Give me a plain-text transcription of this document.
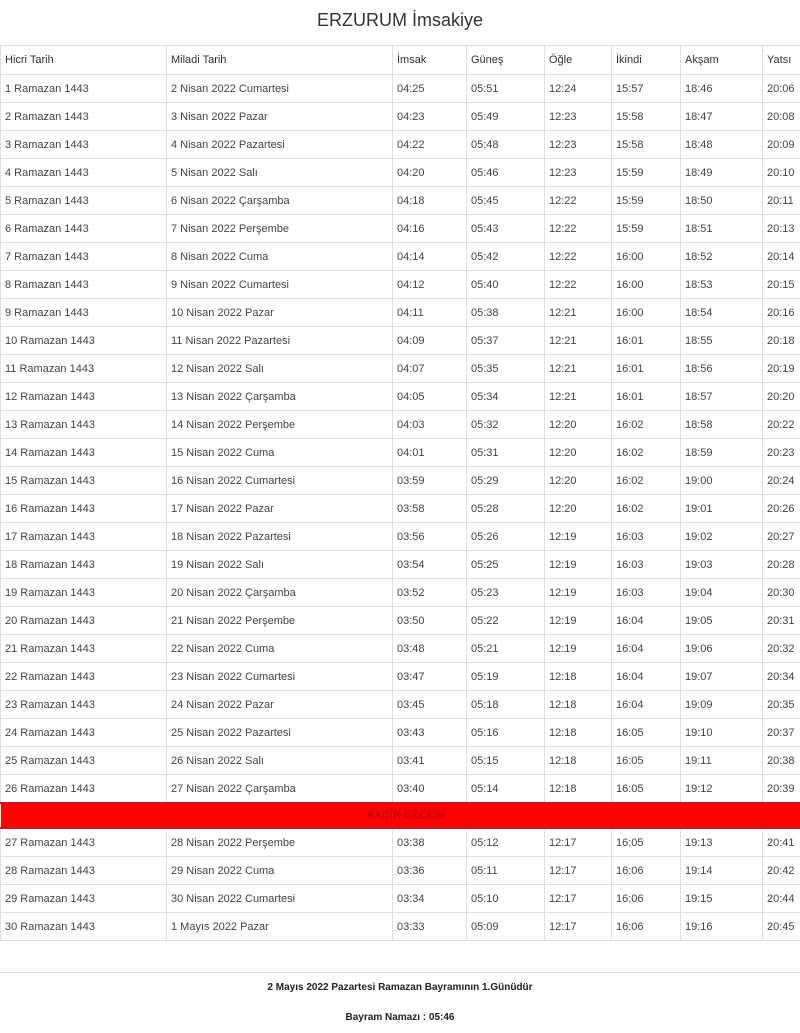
ERZURUM İmsakiye
Hicri Tarih	Miladi Tarih	İmsak	Güneş	Öğle	İkindi	Akşam	Yatsı
1 Ramazan 1443	2 Nisan 2022 Cumartesi	04:25	05:51	12:24	15:57	18:46	20:06
2 Ramazan 1443	3 Nisan 2022 Pazar	04:23	05:49	12:23	15:58	18:47	20:08
3 Ramazan 1443	4 Nisan 2022 Pazartesi	04:22	05:48	12:23	15:58	18:48	20:09
4 Ramazan 1443	5 Nisan 2022 Salı	04:20	05:46	12:23	15:59	18:49	20:10
5 Ramazan 1443	6 Nisan 2022 Çarşamba	04:18	05:45	12:22	15:59	18:50	20:11
6 Ramazan 1443	7 Nisan 2022 Perşembe	04:16	05:43	12:22	15:59	18:51	20:13
7 Ramazan 1443	8 Nisan 2022 Cuma	04:14	05:42	12:22	16:00	18:52	20:14
8 Ramazan 1443	9 Nisan 2022 Cumartesi	04:12	05:40	12:22	16:00	18:53	20:15
9 Ramazan 1443	10 Nisan 2022 Pazar	04:11	05:38	12:21	16:00	18:54	20:16
10 Ramazan 1443	11 Nisan 2022 Pazartesi	04:09	05:37	12:21	16:01	18:55	20:18
11 Ramazan 1443	12 Nisan 2022 Salı	04:07	05:35	12:21	16:01	18:56	20:19
12 Ramazan 1443	13 Nisan 2022 Çarşamba	04:05	05:34	12:21	16:01	18:57	20:20
13 Ramazan 1443	14 Nisan 2022 Perşembe	04:03	05:32	12:20	16:02	18:58	20:22
14 Ramazan 1443	15 Nisan 2022 Cuma	04:01	05:31	12:20	16:02	18:59	20:23
15 Ramazan 1443	16 Nisan 2022 Cumartesi	03:59	05:29	12:20	16:02	19:00	20:24
16 Ramazan 1443	17 Nisan 2022 Pazar	03:58	05:28	12:20	16:02	19:01	20:26
17 Ramazan 1443	18 Nisan 2022 Pazartesi	03:56	05:26	12:19	16:03	19:02	20:27
18 Ramazan 1443	19 Nisan 2022 Salı	03:54	05:25	12:19	16:03	19:03	20:28
19 Ramazan 1443	20 Nisan 2022 Çarşamba	03:52	05:23	12:19	16:03	19:04	20:30
20 Ramazan 1443	21 Nisan 2022 Perşembe	03:50	05:22	12:19	16:04	19:05	20:31
21 Ramazan 1443	22 Nisan 2022 Cuma	03:48	05:21	12:19	16:04	19:06	20:32
22 Ramazan 1443	23 Nisan 2022 Cumartesi	03:47	05:19	12:18	16:04	19:07	20:34
23 Ramazan 1443	24 Nisan 2022 Pazar	03:45	05:18	12:18	16:04	19:09	20:35
24 Ramazan 1443	25 Nisan 2022 Pazartesi	03:43	05:16	12:18	16:05	19:10	20:37
25 Ramazan 1443	26 Nisan 2022 Salı	03:41	05:15	12:18	16:05	19:11	20:38
26 Ramazan 1443	27 Nisan 2022 Çarşamba	03:40	05:14	12:18	16:05	19:12	20:39
KADİR GECESİ							
27 Ramazan 1443	28 Nisan 2022 Perşembe	03:38	05:12	12:17	16:05	19:13	20:41
28 Ramazan 1443	29 Nisan 2022 Cuma	03:36	05:11	12:17	16:06	19:14	20:42
29 Ramazan 1443	30 Nisan 2022 Cumartesi	03:34	05:10	12:17	16:06	19:15	20:44
30 Ramazan 1443	1 Mayıs 2022 Pazar	03:33	05:09	12:17	16:06	19:16	20:45
2 Mayıs 2022 Pazartesi Ramazan Bayramının 1.Günüdür
Bayram Namazı : 05:46
